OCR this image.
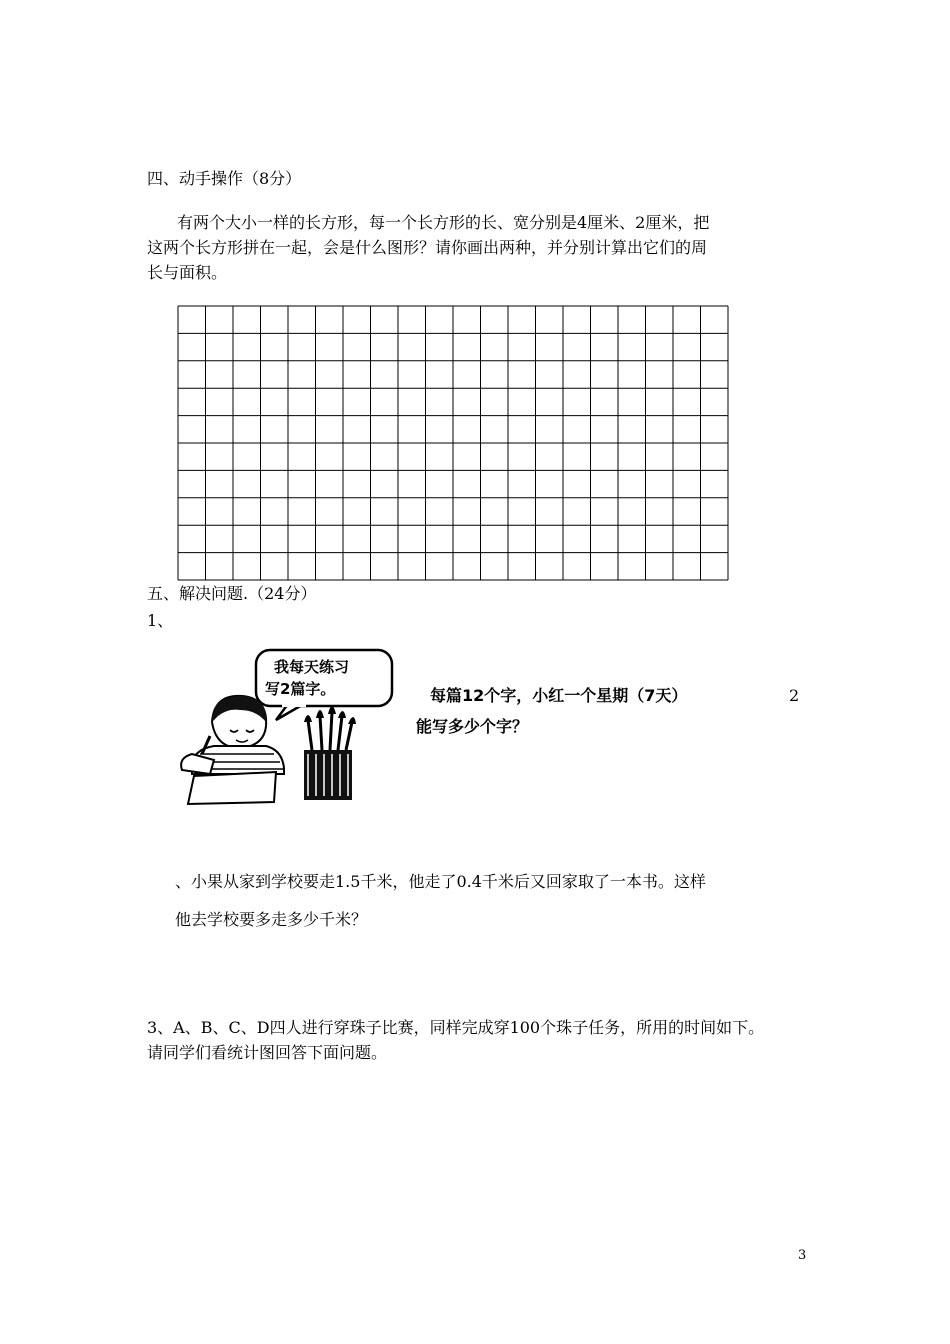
四、动手操作（8分）
有两个大小一样的长方形，每一个长方形的长、宽分别是4厘米、2厘米，把
这两个长方形拼在一起，会是什么图形？请你画出两种，并分别计算出它们的周
长与面积。
五、解决问题.（24分）
1、
我每天练习
写2篇字。	每篇12个字，小红一个星期（7天）	2
能写多少个字？
、小果从家到学校要走1.5千米，他走了0.4千米后又回家取了一本书。这样
他去学校要多走多少千米？
3、A、B、C、D四人进行穿珠子比赛，同样完成穿100个珠子任务，所用的时间如下。
请同学们看统计图回答下面问题。
3
